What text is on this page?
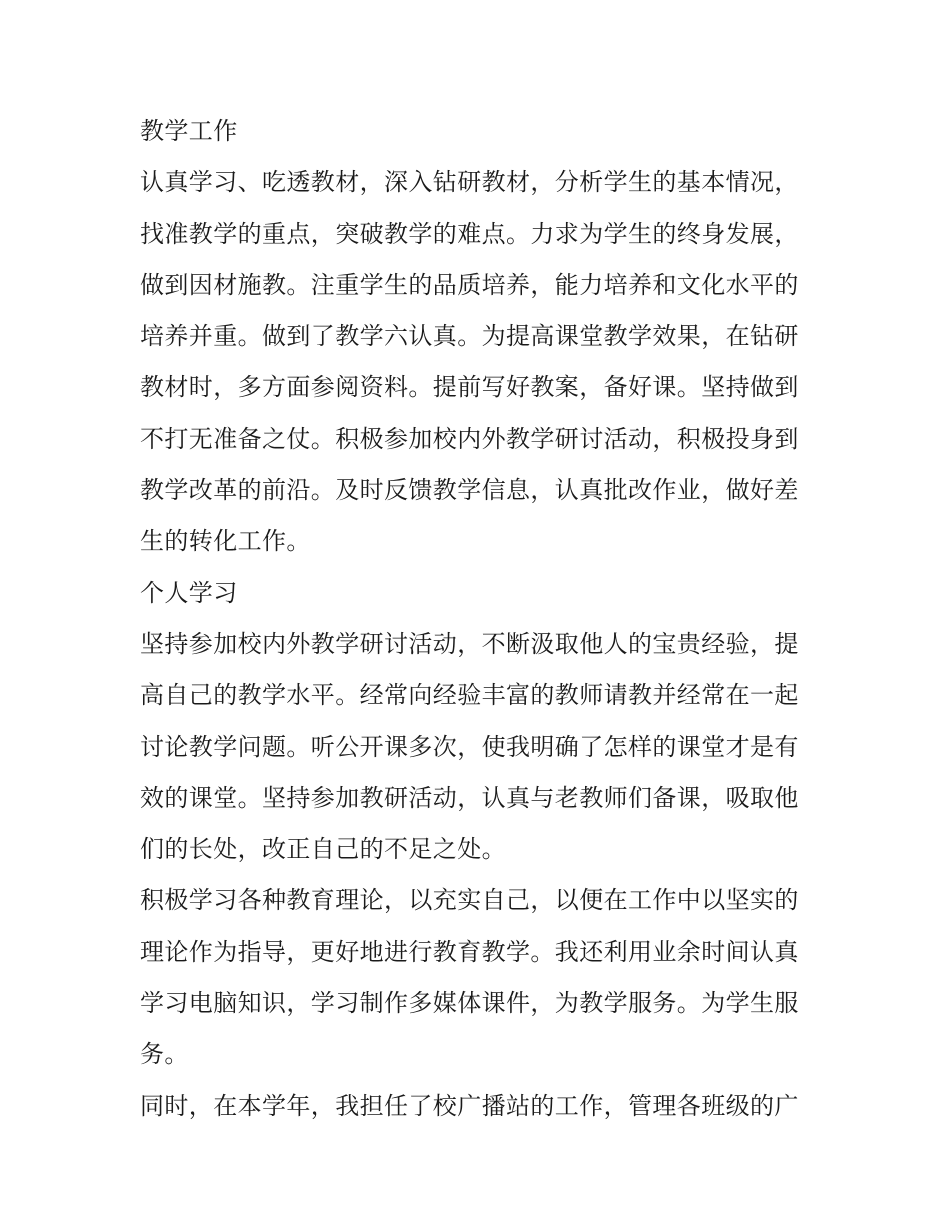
教学工作
认真学习、吃透教材，深入钻研教材，分析学生的基本情况，
找准教学的重点，突破教学的难点。力求为学生的终身发展，
做到因材施教。注重学生的品质培养，能力培养和文化水平的
培养并重。做到了教学六认真。为提高课堂教学效果，在钻研
教材时，多方面参阅资料。提前写好教案，备好课。坚持做到
不打无准备之仗。积极参加校内外教学研讨活动，积极投身到
教学改革的前沿。及时反馈教学信息，认真批改作业，做好差
生的转化工作。
个人学习
坚持参加校内外教学研讨活动，不断汲取他人的宝贵经验，提
高自己的教学水平。经常向经验丰富的教师请教并经常在一起
讨论教学问题。听公开课多次，使我明确了怎样的课堂才是有
效的课堂。坚持参加教研活动，认真与老教师们备课，吸取他
们的长处，改正自己的不足之处。
积极学习各种教育理论，以充实自己，以便在工作中以坚实的
理论作为指导，更好地进行教育教学。我还利用业余时间认真
学习电脑知识，学习制作多媒体课件，为教学服务。为学生服
务。
同时，在本学年，我担任了校广播站的工作，管理各班级的广
